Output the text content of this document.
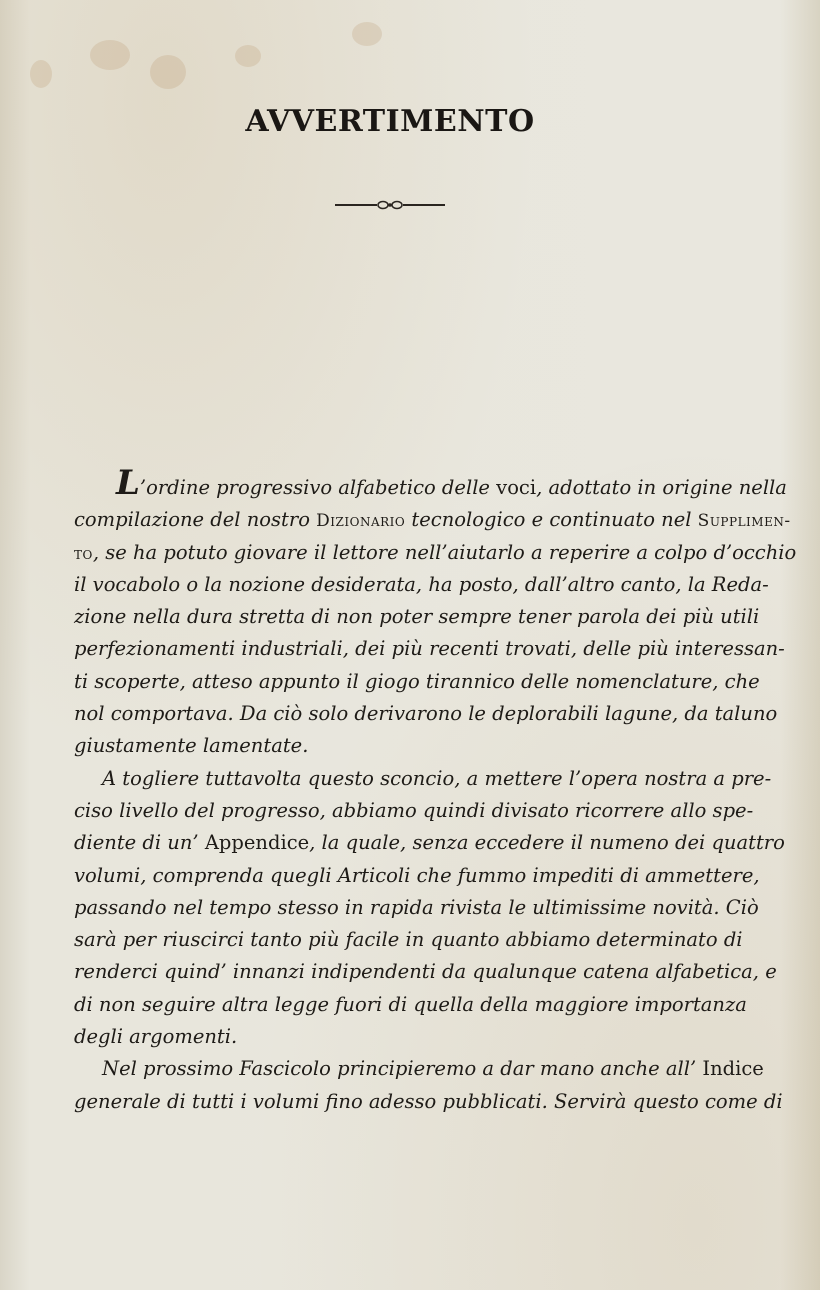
AVVERTIMENTO
L’ordine progressivo alfabetico delle voci, adottato in origine nella
compilazione del nostro Dizionario tecnologico e continuato nel Supplimen-
to, se ha potuto giovare il lettore nell’aiutarlo a reperire a colpo d’occhio
il vocabolo o la nozione desiderata, ha posto, dall’altro canto, la Reda-
zione nella dura stretta di non poter sempre tener parola dei più utili
perfezionamenti industriali, dei più recenti trovati, delle più interessan-
ti scoperte, atteso appunto il giogo tirannico delle nomenclature, che
nol comportava. Da ciò solo derivarono le deplorabili lagune, da taluno
giustamente lamentate.
A togliere tuttavolta questo sconcio, a mettere l’opera nostra a pre-
ciso livello del progresso, abbiamo quindi divisato ricorrere allo spe-
diente di un’ Appendice, la quale, senza eccedere il numeno dei quattro
volumi, comprenda quegli Articoli che fummo impediti di ammettere,
passando nel tempo stesso in rapida rivista le ultimissime novità. Ciò
sarà per riuscirci tanto più facile in quanto abbiamo determinato di
renderci quind’ innanzi indipendenti da qualunque catena alfabetica, e
di non seguire altra legge fuori di quella della maggiore importanza
degli argomenti.
Nel prossimo Fascicolo principieremo a dar mano anche all’ Indice
generale di tutti i volumi fino adesso pubblicati. Servirà questo come di
